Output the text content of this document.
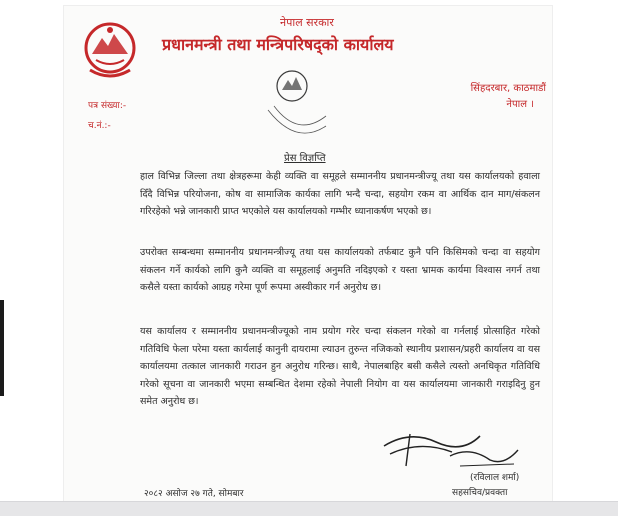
नेपाल सरकार
प्रधानमन्त्री तथा मन्त्रिपरिषद्‌को कार्यालय
सिंहदरबार, काठमाडौं
नेपाल ।
पत्र संख्या:-
च.नं.:-
प्रेस विज्ञप्ति
हाल विभिन्न जिल्ला तथा क्षेत्रहरूमा केही व्यक्ति वा समूहले सम्माननीय प्रधानमन्त्रीज्यू तथा यस कार्यालयको हवाला दिँदै विभिन्न परियोजना, कोष वा सामाजिक कार्यका लागि भन्दै चन्दा, सहयोग रकम वा आर्थिक दान माग/संकलन गरिरहेको भन्ने जानकारी प्राप्त भएकोले यस कार्यालयको गम्भीर ध्यानाकर्षण भएको छ।
उपरोक्त सम्बन्धमा सम्माननीय प्रधानमन्त्रीज्यू तथा यस कार्यालयको तर्फबाट कुनै पनि किसिमको चन्दा वा सहयोग संकलन गर्ने कार्यको लागि कुनै व्यक्ति वा समूहलाई अनुमति नदिइएको र यस्ता भ्रामक कार्यमा विश्वास नगर्न तथा कसैले यस्ता कार्यको आग्रह गरेमा पूर्ण रूपमा अस्वीकार गर्न अनुरोध छ।
यस कार्यालय र सम्माननीय प्रधानमन्त्रीज्यूको नाम प्रयोग गरेर चन्दा संकलन गरेको वा गर्नलाई प्रोत्साहित गरेको गतिविधि फेला परेमा यस्ता कार्यलाई कानुनी दायरामा ल्याउन तुरुन्त नजिकको स्थानीय प्रशासन/प्रहरी कार्यालय वा यस कार्यालयमा तत्काल जानकारी गराउन हुन अनुरोध गरिन्छ। साथै, नेपालबाहिर बसी कसैले त्यस्तो अनधिकृत गतिविधि गरेको सूचना वा जानकारी भएमा सम्बन्धित देशमा रहेको नेपाली नियोग वा यस कार्यालयमा जानकारी गराइदिनु हुन समेत अनुरोध छ।
(रविलाल शर्मा)
सहसचिव/प्रवक्ता
२०८२ असोज २७ गते, सोमबार
